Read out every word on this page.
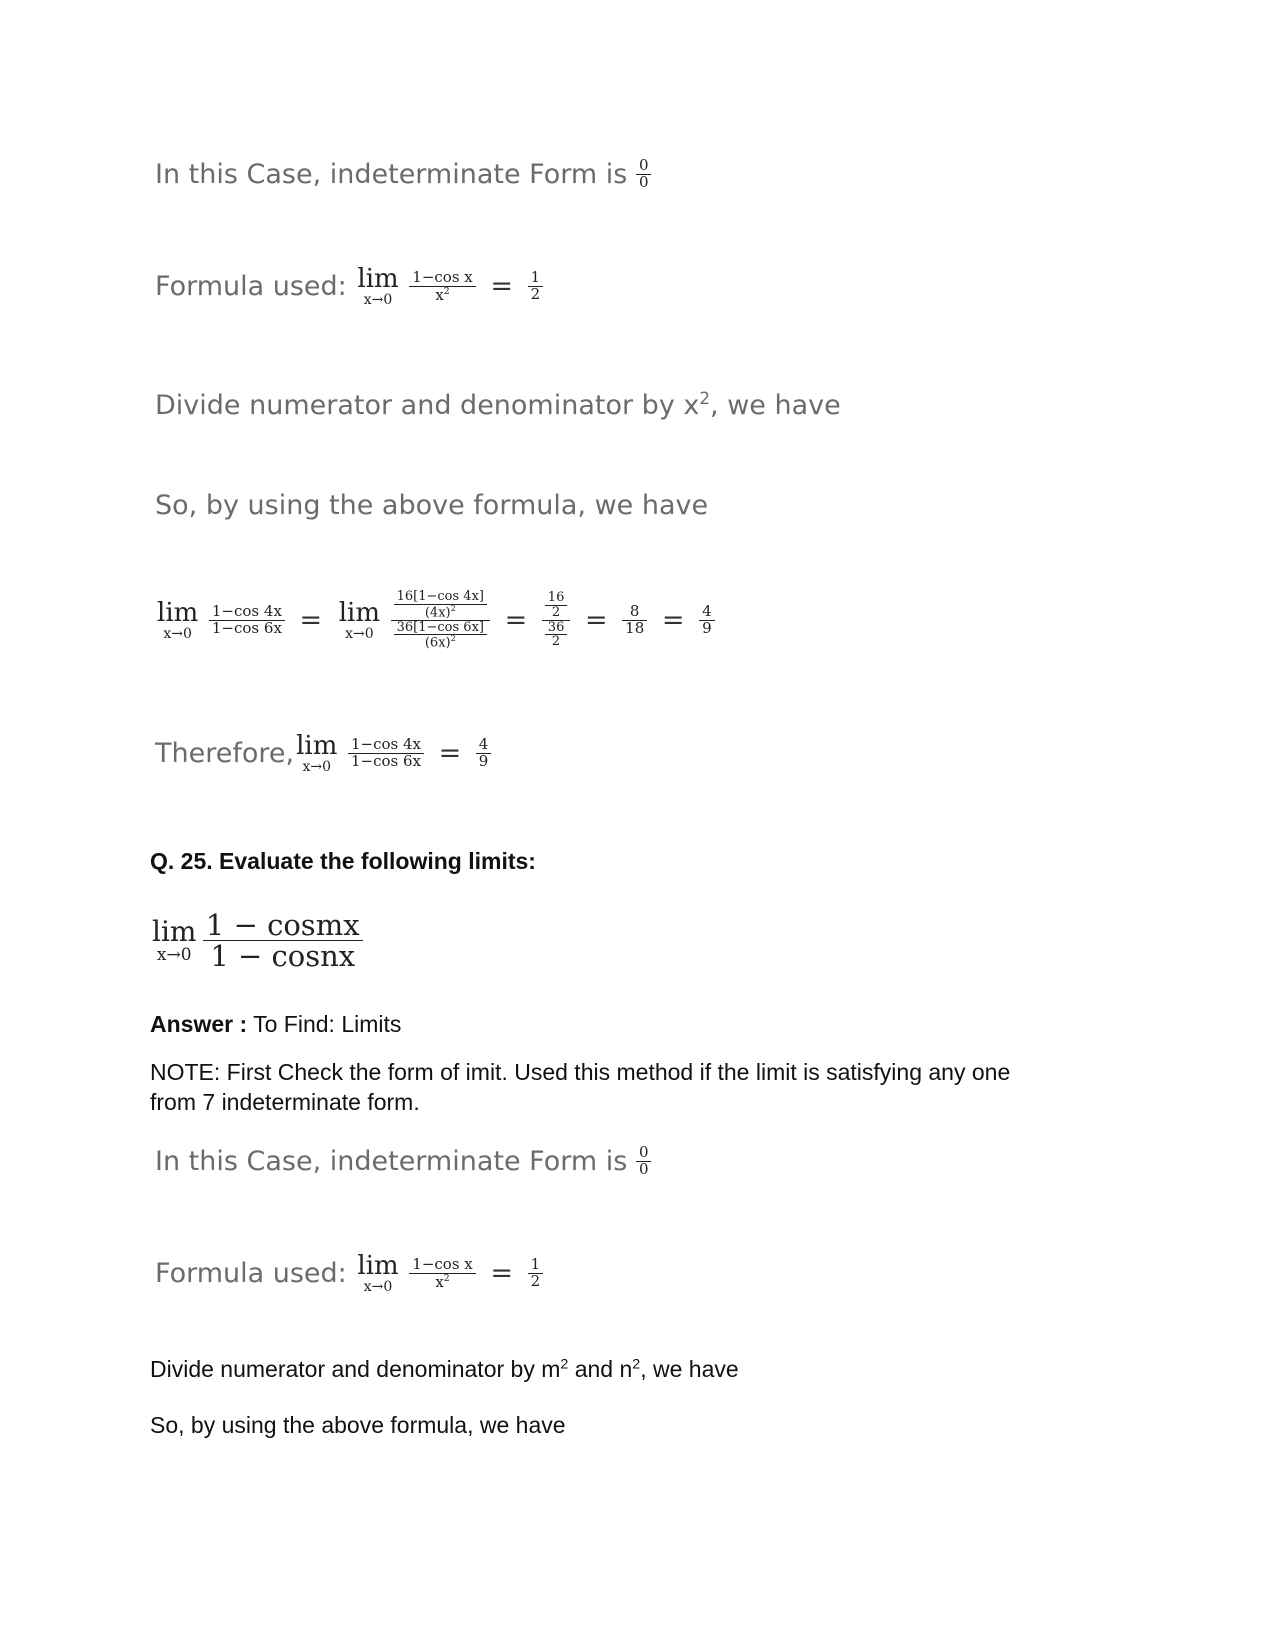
In this Case, indeterminate Form is $\frac{0}{0}$
Formula used: lim
x→0
	$\frac{\text{1−cos x}}{x^2} = \frac{1}{2}$
Divide numerator and denominator by $x^2$, we have
So, by using the above formula, we have
lim
x→0
	$\frac{1-\cos 4x}{1-\cos 6x} = \lim$
x→0
	$\frac{\frac{16[1-\cos 4x]}{(4x)^2}}{\frac{36[1-\cos 6x]}{(6x)^2}} = \frac{\frac{16}{2}}{\frac{36}{2}} = \frac{8}{18} = \frac{4}{9}$
Therefore, lim
x→0
	$\frac{1-\cos 4x}{1-\cos 6x} = \frac{4}{9}$
Q. 25. Evaluate the following limits:
lim
x→0
$\frac{\text{1 − cosmx}}{\text{1 − cosnx}}$
Answer : To Find: Limits
NOTE: First Check the form of imit. Used this method if the limit is satisfying any one
from 7 indeterminate form.
In this Case, indeterminate Form is $\frac{0}{0}$
Formula used: lim
x→0
	$\frac{\text{1−cos x}}{x^2} = \frac{1}{2}$
Divide numerator and denominator by $m^2$ and $n^2$, we have
So, by using the above formula, we have
